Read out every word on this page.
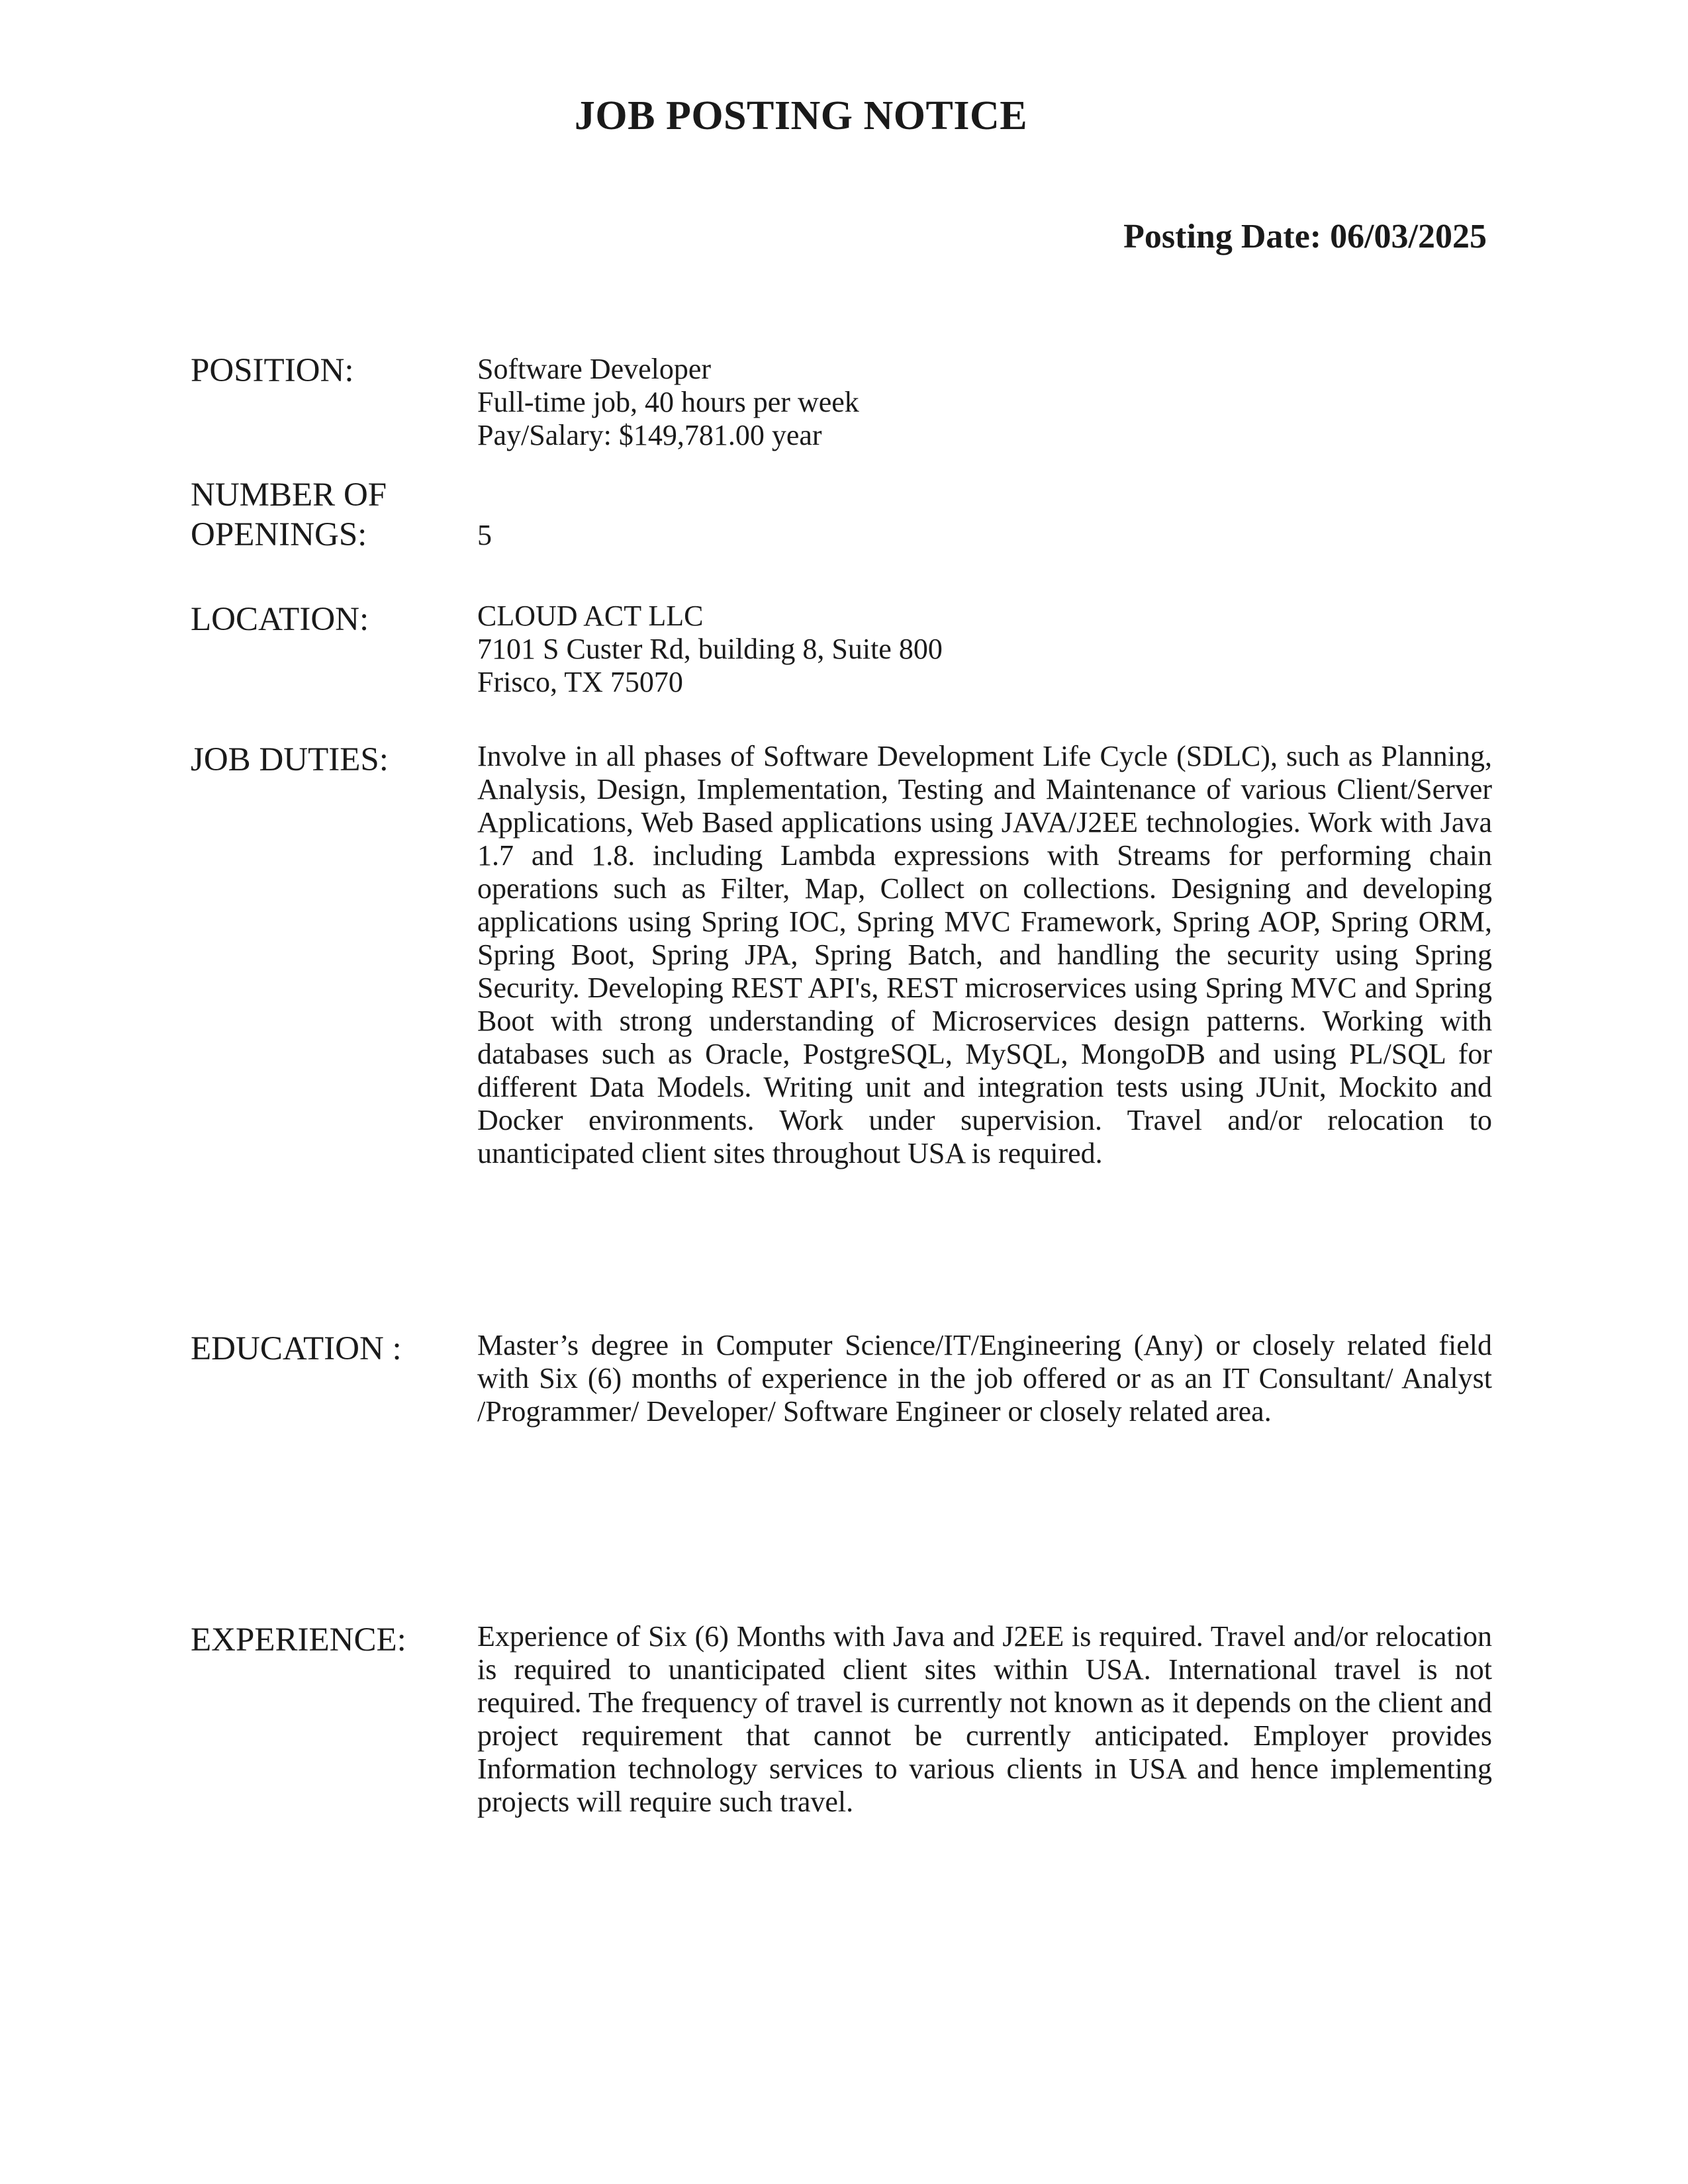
JOB POSTING NOTICE
Posting Date: 06/03/2025
POSITION:	Software Developer
Full-time job, 40 hours per week
Pay/Salary: $149,781.00 year
NUMBER OF
OPENINGS:	5
LOCATION:	CLOUD ACT LLC
7101 S Custer Rd, building 8, Suite 800
Frisco, TX 75070
JOB DUTIES:	Involve in all phases of Software Development Life Cycle (SDLC), such as Planning, Analysis, Design, Implementation, Testing and Maintenance of various Client/Server Applications, Web Based applications using JAVA/J2EE technologies. Work with Java 1.7 and 1.8. including Lambda expressions with Streams for performing chain operations such as Filter, Map, Collect on collections. Designing and developing applications using Spring IOC, Spring MVC Framework, Spring AOP, Spring ORM, Spring Boot, Spring JPA, Spring Batch, and handling the security using Spring Security. Developing REST API's, REST microservices using Spring MVC and Spring Boot with strong understanding of Microservices design patterns. Working with databases such as Oracle, PostgreSQL, MySQL, MongoDB and using PL/SQL for different Data Models. Writing unit and integration tests using JUnit, Mockito and Docker environments. Work under supervision. Travel and/or relocation to unanticipated client sites throughout USA is required.
EDUCATION :	Master’s degree in Computer Science/IT/Engineering (Any) or closely related field with Six (6) months of experience in the job offered or as an IT Consultant/ Analyst /Programmer/ Developer/ Software Engineer or closely related area.
EXPERIENCE: Experience of Six (6) Months with Java and J2EE is required. Travel and/or relocation is required to unanticipated client sites within USA. International travel is not required. The frequency of travel is currently not known as it depends on the client and project requirement that cannot be currently anticipated. Employer provides Information technology services to various clients in USA and hence implementing projects will require such travel.
